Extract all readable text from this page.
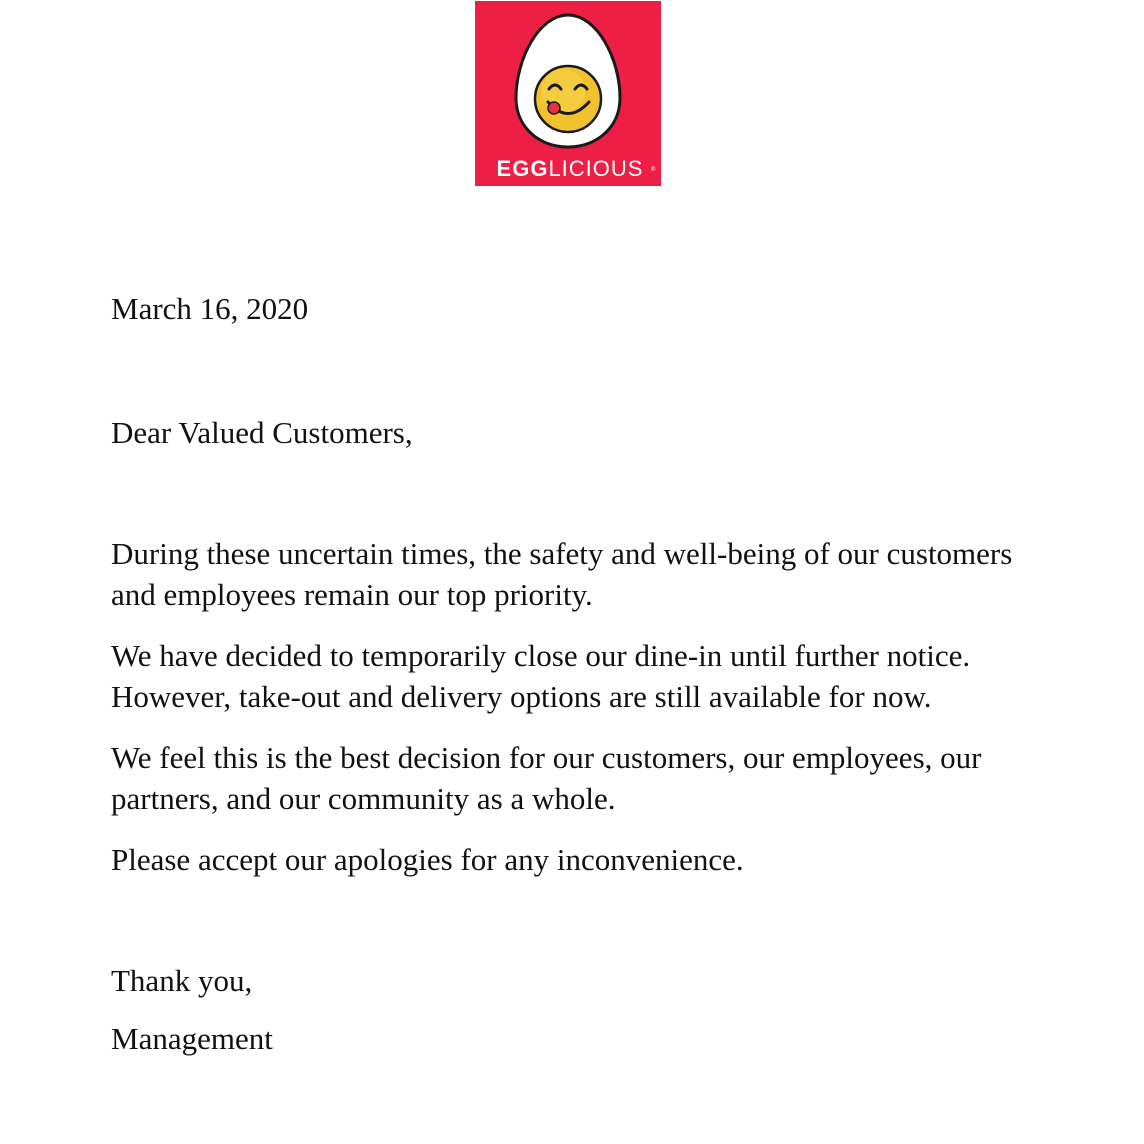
EGGLICIOUS ®
March 16, 2020
Dear Valued Customers,

During these uncertain times, the safety and well-being of our customers
and employees remain our top priority.

We have decided to temporarily close our dine-in until further notice.
However, take-out and delivery options are still available for now.

We feel this is the best decision for our customers, our employees, our
partners, and our community as a whole.

Please accept our apologies for any inconvenience.

Thank you,
Management
